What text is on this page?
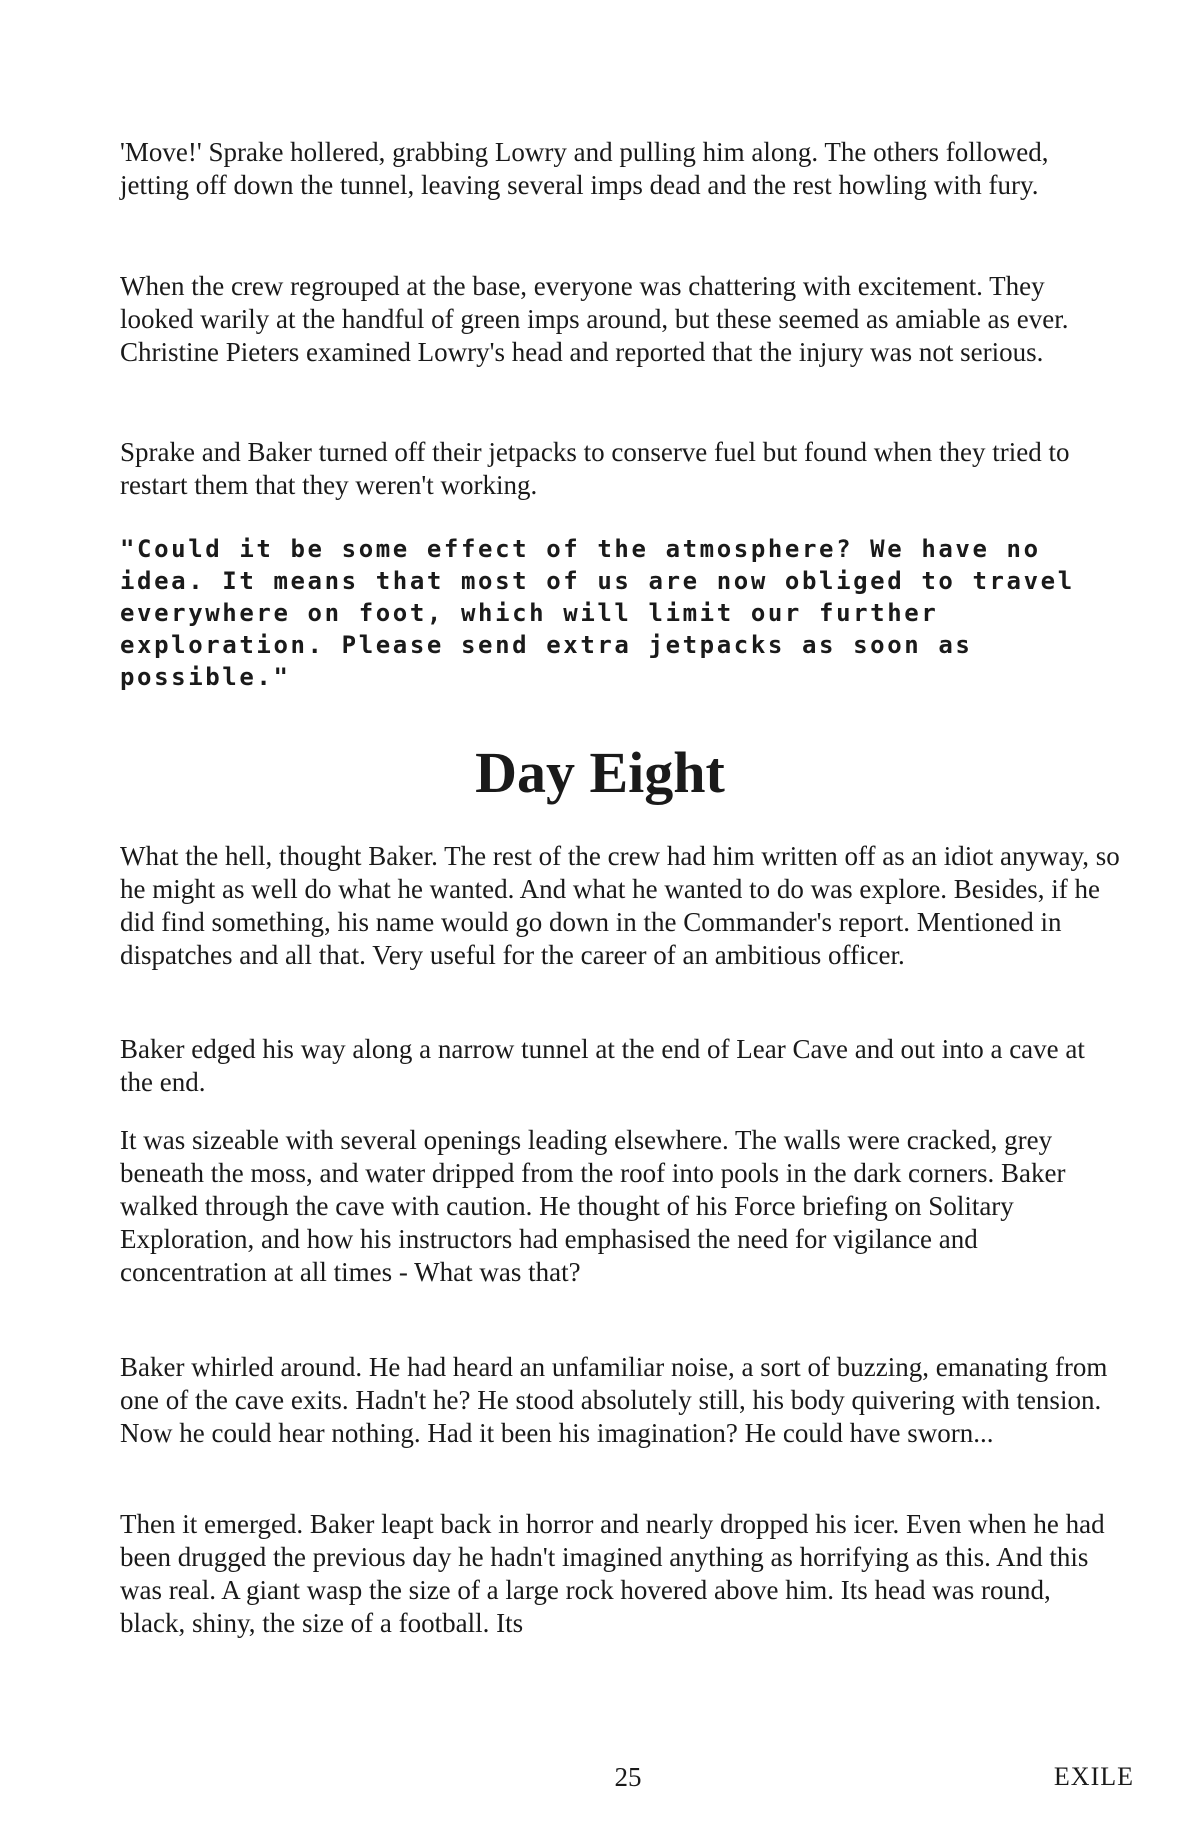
'Move!' Sprake hollered, grabbing Lowry and pulling him along. The others followed, jetting off down the tunnel, leaving several imps dead and the rest howling with fury.

When the crew regrouped at the base, everyone was chattering with excitement. They looked warily at the handful of green imps around, but these seemed as amiable as ever. Christine Pieters examined Lowry's head and reported that the injury was not serious.

Sprake and Baker turned off their jetpacks to conserve fuel but found when they tried to restart them that they weren't working.

"Could it be some effect of the atmosphere? We have no idea. It means that most of us are now obliged to travel everywhere on foot, which will limit our further exploration. Please send extra jetpacks as soon as possible."

Day Eight

What the hell, thought Baker. The rest of the crew had him written off as an idiot anyway, so he might as well do what he wanted. And what he wanted to do was explore. Besides, if he did find something, his name would go down in the Commander's report. Mentioned in dispatches and all that. Very useful for the career of an ambitious officer.

Baker edged his way along a narrow tunnel at the end of Lear Cave and out into a cave at the end.

It was sizeable with several openings leading elsewhere. The walls were cracked, grey beneath the moss, and water dripped from the roof into pools in the dark corners. Baker walked through the cave with caution. He thought of his Force briefing on Solitary Exploration, and how his instructors had emphasised the need for vigilance and concentration at all times - What was that?

Baker whirled around. He had heard an unfamiliar noise, a sort of buzzing, emanating from one of the cave exits. Hadn't he? He stood absolutely still, his body quivering with tension. Now he could hear nothing. Had it been his imagination? He could have sworn...

Then it emerged. Baker leapt back in horror and nearly dropped his icer. Even when he had been drugged the previous day he hadn't imagined anything as horrifying as this. And this was real. A giant wasp the size of a large rock hovered above him. Its head was round, black, shiny, the size of a football. Its

25	EXILE
